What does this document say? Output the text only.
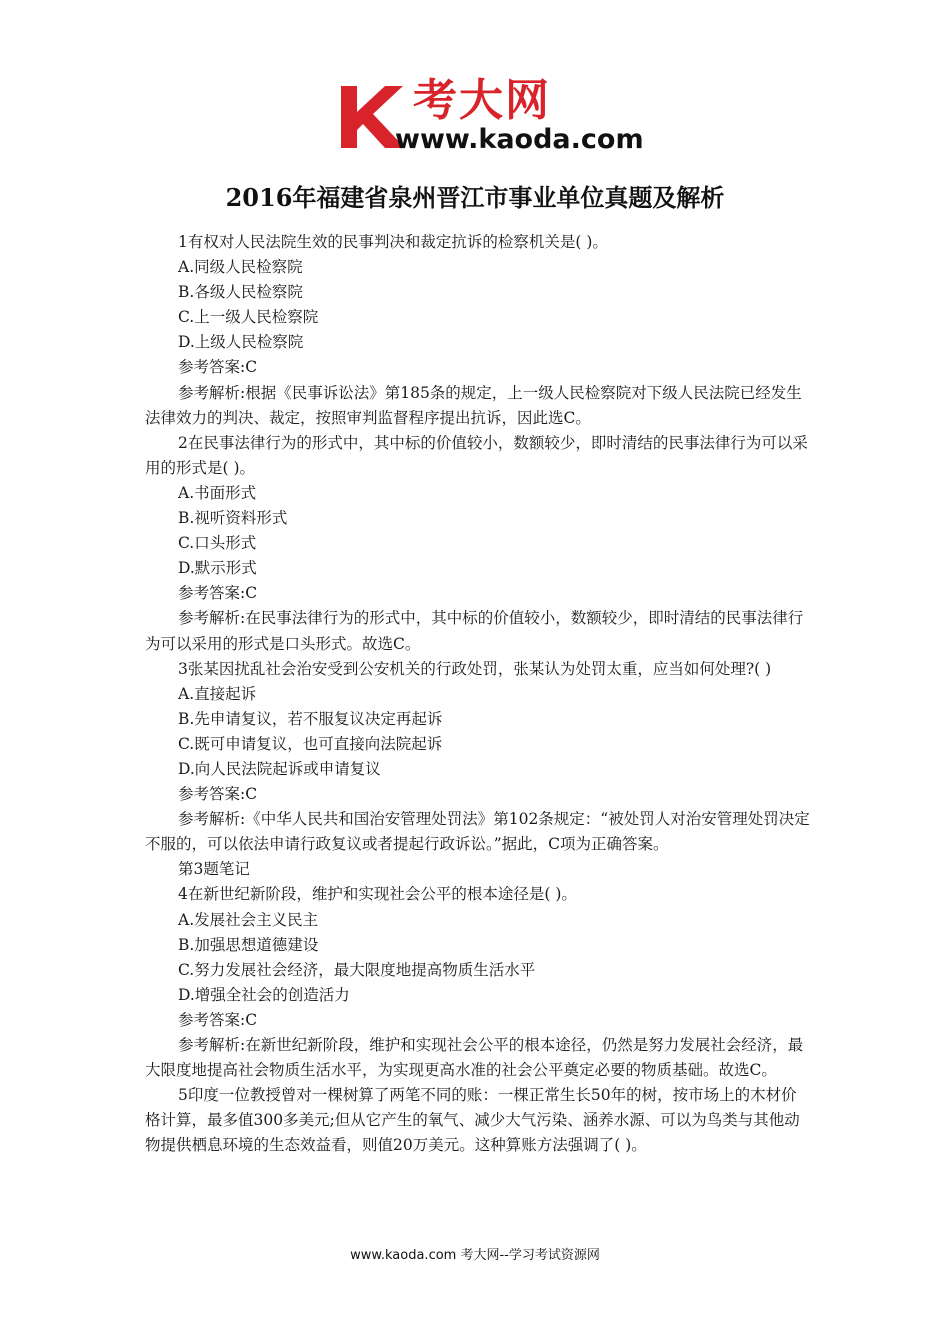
考大网
www.kaoda.com
2016年福建省泉州晋江市事业单位真题及解析

1有权对人民法院生效的民事判决和裁定抗诉的检察机关是( )。

A.同级人民检察院

B.各级人民检察院

C.上一级人民检察院

D.上级人民检察院

参考答案:C

参考解析:根据《民事诉讼法》第185条的规定，上一级人民检察院对下级人民法院已经发生法律效力的判决、裁定，按照审判监督程序提出抗诉，因此选C。

2在民事法律行为的形式中，其中标的价值较小，数额较少，即时清结的民事法律行为可以采用的形式是( )。

A.书面形式

B.视听资料形式

C.口头形式

D.默示形式

参考答案:C

参考解析:在民事法律行为的形式中，其中标的价值较小，数额较少，即时清结的民事法律行为可以采用的形式是口头形式。故选C。

3张某因扰乱社会治安受到公安机关的行政处罚，张某认为处罚太重，应当如何处理?( )

A.直接起诉

B.先申请复议，若不服复议决定再起诉

C.既可申请复议，也可直接向法院起诉

D.向人民法院起诉或申请复议

参考答案:C

参考解析:《中华人民共和国治安管理处罚法》第102条规定：“被处罚人对治安管理处罚决定不服的，可以依法申请行政复议或者提起行政诉讼。”据此，C项为正确答案。

第3题笔记

4在新世纪新阶段，维护和实现社会公平的根本途径是( )。

A.发展社会主义民主

B.加强思想道德建设

C.努力发展社会经济，最大限度地提高物质生活水平

D.增强全社会的创造活力

参考答案:C

参考解析:在新世纪新阶段，维护和实现社会公平的根本途径，仍然是努力发展社会经济，最大限度地提高社会物质生活水平，为实现更高水准的社会公平奠定必要的物质基础。故选C。

5印度一位教授曾对一棵树算了两笔不同的账：一棵正常生长50年的树，按市场上的木材价格计算，最多值300多美元;但从它产生的氧气、减少大气污染、涵养水源、可以为鸟类与其他动物提供栖息环境的生态效益看，则值20万美元。这种算账方法强调了( )。

www.kaoda.com 考大网--学习考试资源网
